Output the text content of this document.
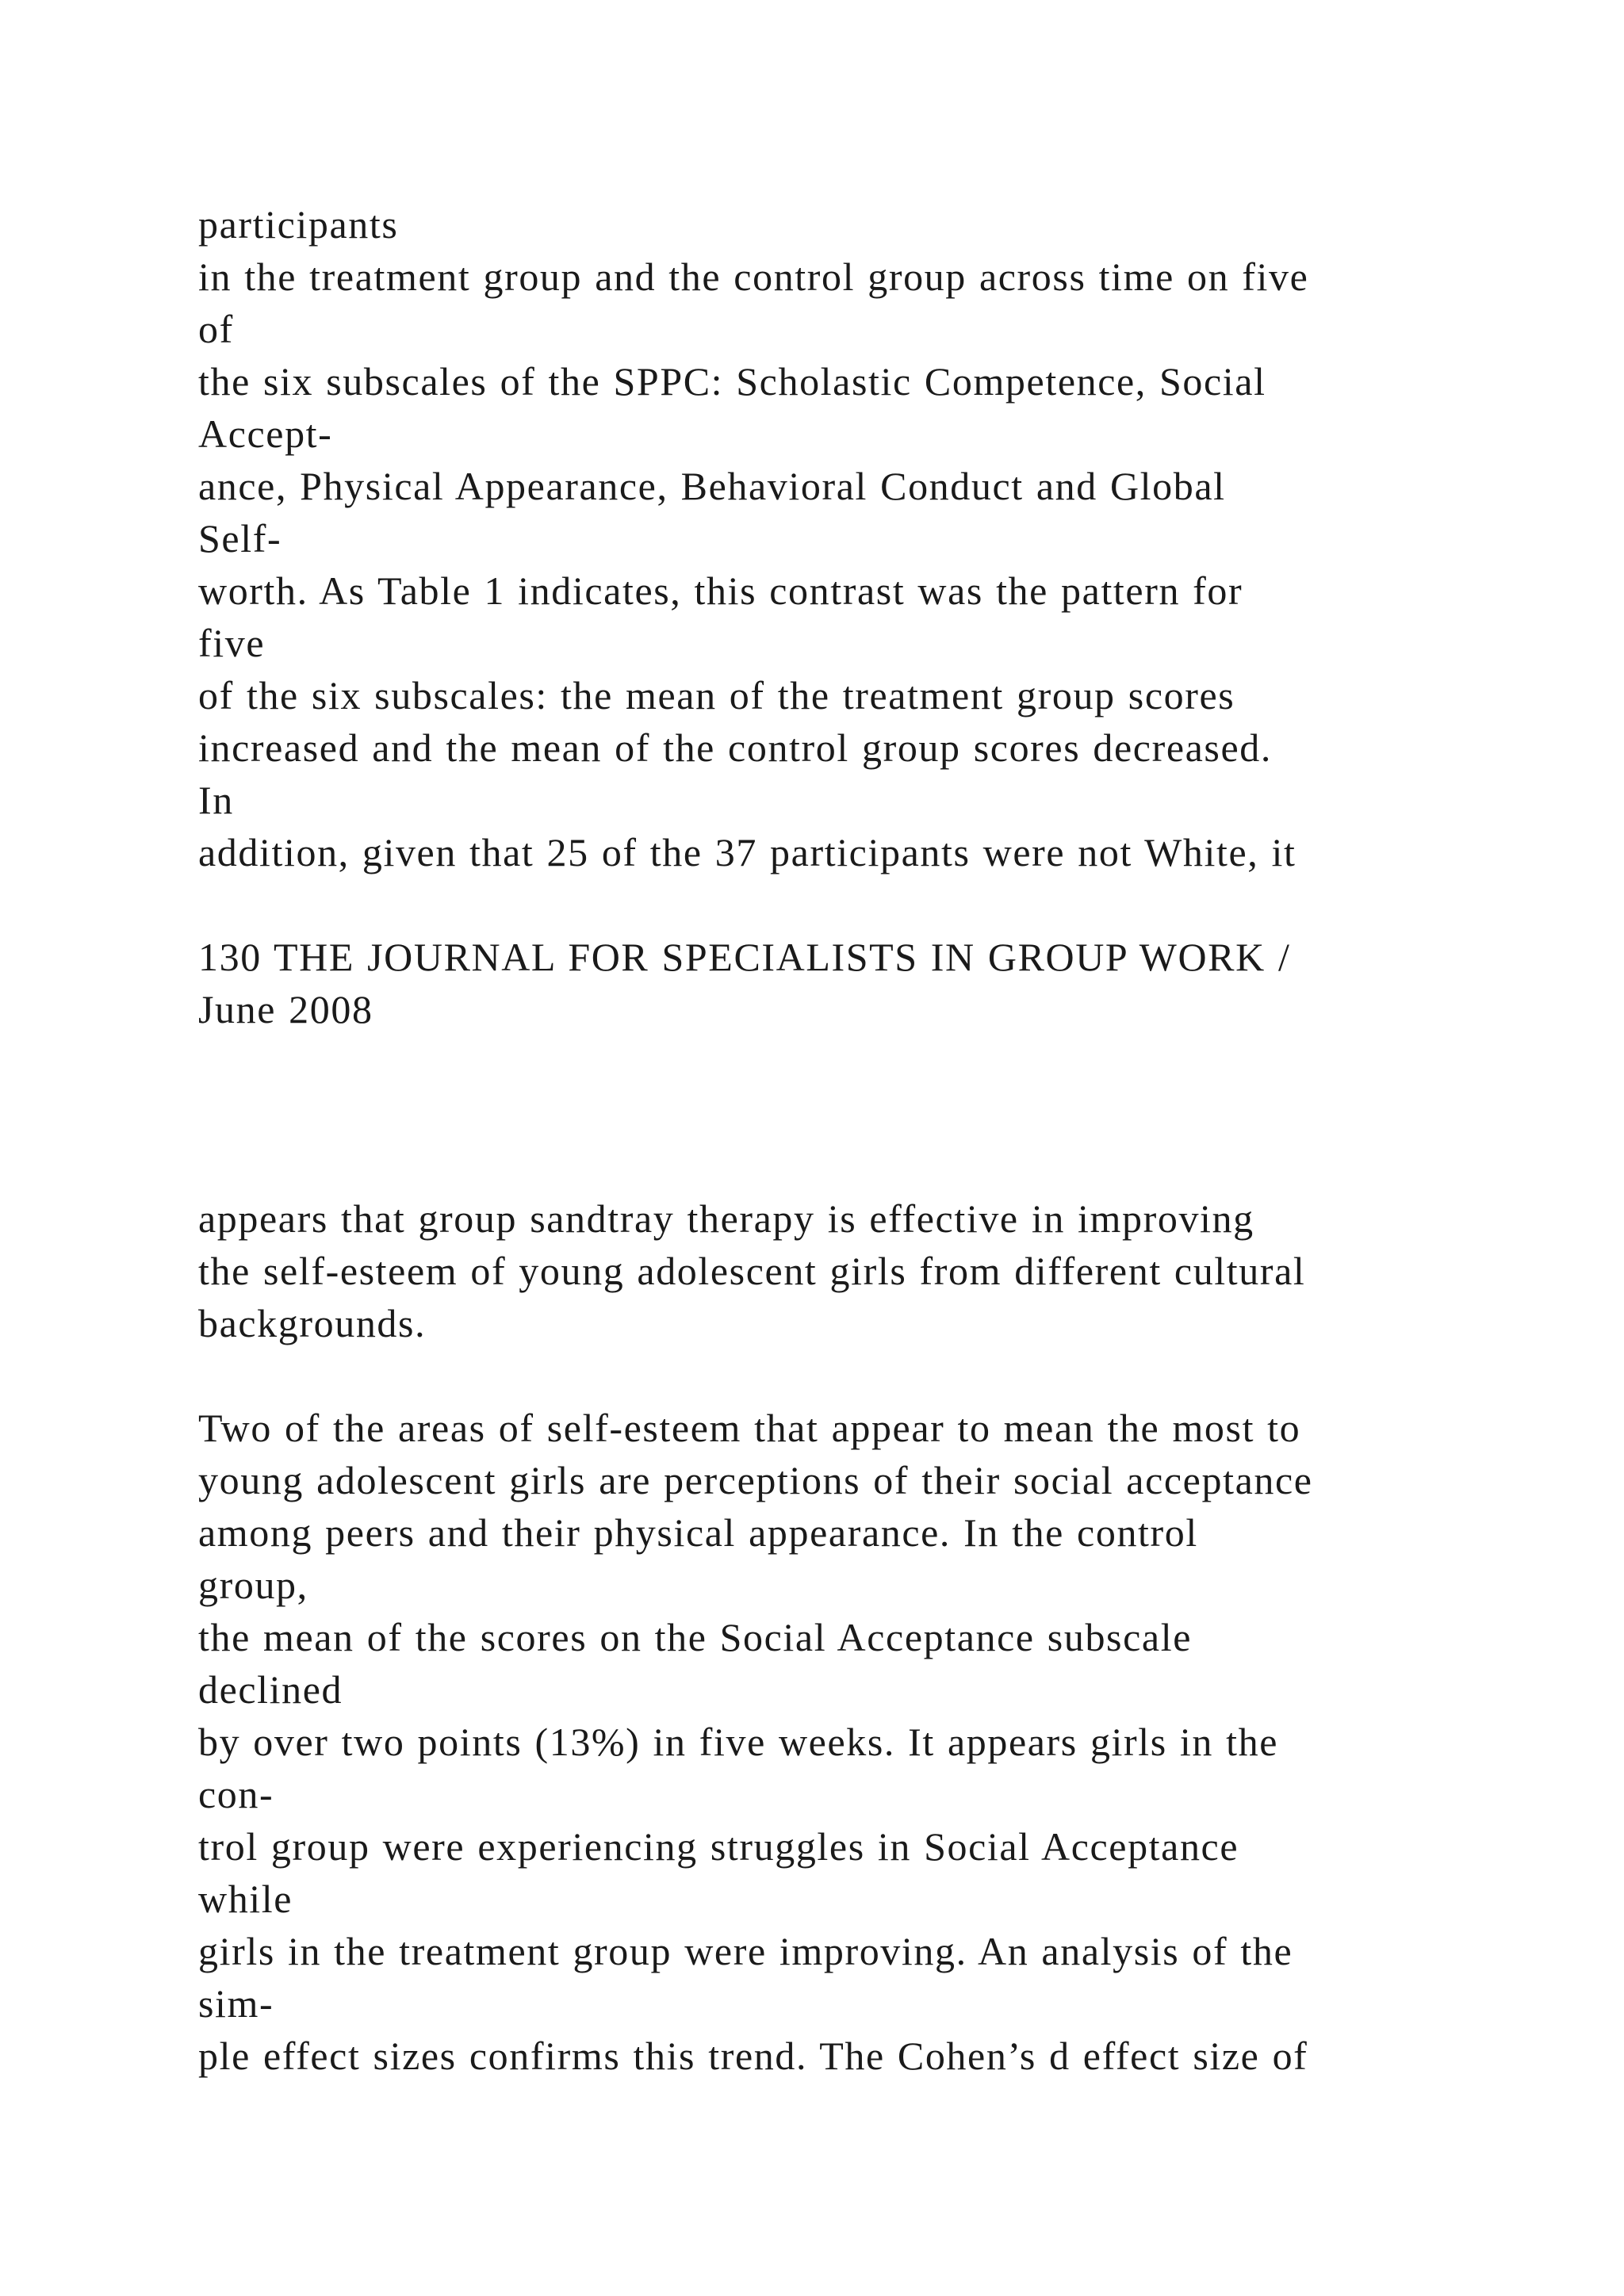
participants
in the treatment group and the control group across time on five
of
the six subscales of the SPPC: Scholastic Competence, Social
Accept-
ance, Physical Appearance, Behavioral Conduct and Global
Self-
worth. As Table 1 indicates, this contrast was the pattern for
five
of the six subscales: the mean of the treatment group scores
increased and the mean of the control group scores decreased.
In
addition, given that 25 of the 37 participants were not White, it
130 THE JOURNAL FOR SPECIALISTS IN GROUP WORK /
June 2008
appears that group sandtray therapy is effective in improving
the self-esteem of young adolescent girls from different cultural
backgrounds.
Two of the areas of self-esteem that appear to mean the most to
young adolescent girls are perceptions of their social acceptance
among peers and their physical appearance. In the control
group,
the mean of the scores on the Social Acceptance subscale
declined
by over two points (13%) in five weeks. It appears girls in the
con-
trol group were experiencing struggles in Social Acceptance
while
girls in the treatment group were improving. An analysis of the
sim-
ple effect sizes confirms this trend. The Cohen’s d effect size of
